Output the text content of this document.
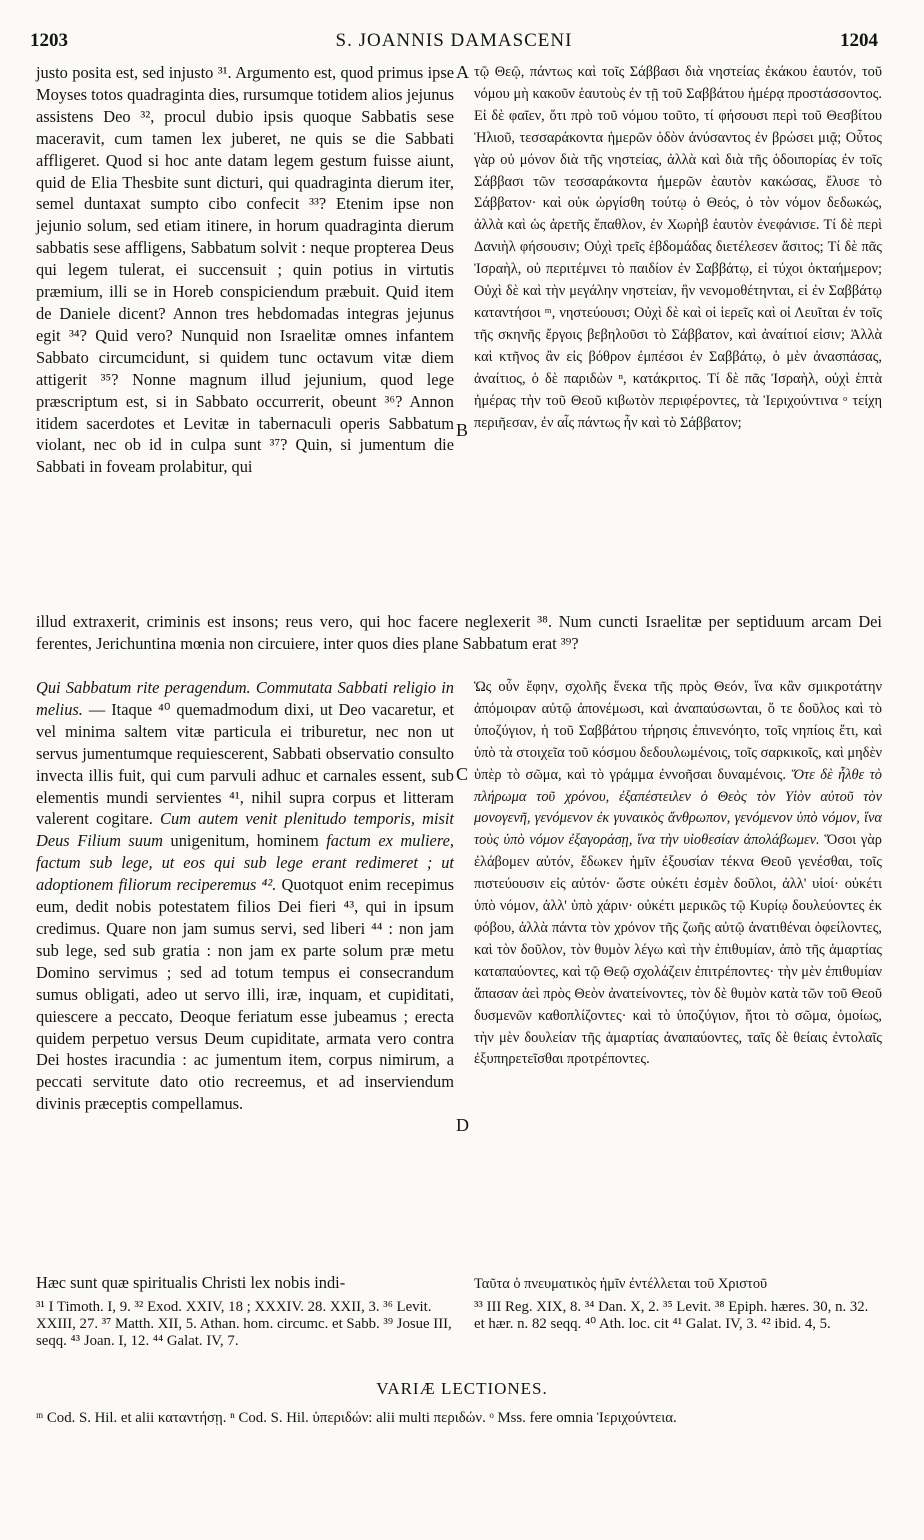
1203	S. JOANNIS DAMASCENI	1204
A
B
C
D
justo posita est, sed injusto ³¹. Argumento est, quod primus ipse Moyses totos quadraginta dies, rursumque totidem alios jejunus assistens Deo ³², procul dubio ipsis quoque Sabbatis sese maceravit, cum tamen lex juberet, ne quis se die Sabbati affligeret. Quod si hoc ante datam legem gestum fuisse aiunt, quid de Elia Thesbite sunt dicturi, qui quadraginta dierum iter, semel duntaxat sumpto cibo confecit ³³? Etenim ipse non jejunio solum, sed etiam itinere, in horum quadraginta dierum sabbatis sese affligens, Sabbatum solvit : neque propterea Deus qui legem tulerat, ei succensuit ; quin potius in virtutis præmium, illi se in Horeb conspiciendum præbuit. Quid item de Daniele dicent? Annon tres hebdomadas integras jejunus egit ³⁴? Quid vero? Nunquid non Israelitæ omnes infantem Sabbato circumcidunt, si quidem tunc octavum vitæ diem attigerit ³⁵? Nonne magnum illud jejunium, quod lege præscriptum est, si in Sabbato occurrerit, obeunt ³⁶? Annon itidem sacerdotes et Levitæ in tabernaculi operis Sabbatum violant, nec ob id in culpa sunt ³⁷? Quin, si jumentum die Sabbati in foveam prolabitur, qui
τῷ Θεῷ, πάντως καὶ τοῖς Σάββασι διὰ νηστείας ἐκάκου ἑαυτόν, τοῦ νόμου μὴ κακοῦν ἑαυτοὺς ἐν τῇ τοῦ Σαββάτου ἡμέρᾳ προστάσσοντος. Εἰ δὲ φαῖεν, ὅτι πρὸ τοῦ νόμου τοῦτο, τί φήσουσι περὶ τοῦ Θεσβίτου Ἡλιοῦ, τεσσαράκοντα ἡμερῶν ὁδὸν ἀνύσαντος ἐν βρώσει μιᾷ; Οὗτος γὰρ οὐ μόνον διὰ τῆς νηστείας, ἀλλὰ καὶ διὰ τῆς ὁδοιπορίας ἐν τοῖς Σάββασι τῶν τεσσαράκοντα ἡμερῶν ἑαυτὸν κακώσας, ἔλυσε τὸ Σάββατον· καὶ οὐκ ὠργίσθη τούτῳ ὁ Θεός, ὁ τὸν νόμον δεδωκώς, ἀλλὰ καὶ ὡς ἀρετῆς ἔπαθλον, ἐν Χωρὴβ ἑαυτὸν ἐνεφάνισε. Τί δὲ περὶ Δανιὴλ φήσουσιν; Οὐχὶ τρεῖς ἑβδομάδας διετέλεσεν ἄσιτος; Τί δὲ πᾶς Ἰσραὴλ, οὐ περιτέμνει τὸ παιδίον ἐν Σαββάτῳ, εἰ τύχοι ὀκταήμερον; Οὐχὶ δὲ καὶ τὴν μεγάλην νηστείαν, ἣν νενομοθέτηνται, εἰ ἐν Σαββάτῳ καταντήσοι ᵐ, νηστεύουσι; Οὐχὶ δὲ καὶ οἱ ἱερεῖς καὶ οἱ Λευῖται ἐν τοῖς τῆς σκηνῆς ἔργοις βεβηλοῦσι τὸ Σάββατον, καὶ ἀναίτιοί εἰσιν; Ἀλλὰ καὶ κτῆνος ἂν εἰς βόθρον ἐμπέσοι ἐν Σαββάτῳ, ὁ μὲν ἀνασπάσας, ἀναίτιος, ὁ δὲ παριδὼν ⁿ, κατάκριτος. Τί δὲ πᾶς Ἰσραὴλ, οὐχὶ ἑπτὰ ἡμέρας τὴν τοῦ Θεοῦ κιβωτὸν περιφέροντες, τὰ Ἱεριχούντινα ᵒ τείχη περιῆεσαν, ἐν αἷς πάντως ἦν καὶ τὸ Σάββατον;
illud extraxerit, criminis est insons; reus vero, qui hoc facere neglexerit ³⁸. Num cuncti Israelitæ per septiduum arcam Dei ferentes, Jerichuntina mœnia non circuiere, inter quos dies plane Sabbatum erat ³⁹?
Qui Sabbatum rite peragendum. Commutata Sabbati religio in melius. — Itaque ⁴⁰ quemadmodum dixi, ut Deo vacaretur, et vel minima saltem vitæ particula ei triburetur, nec non ut servus jumentumque requiescerent, Sabbati observatio consulto invecta illis fuit, qui cum parvuli adhuc et carnales essent, sub elementis mundi servientes ⁴¹, nihil supra corpus et litteram valerent cogitare. Cum autem venit plenitudo temporis, misit Deus Filium suum unigenitum, hominem factum ex muliere, factum sub lege, ut eos qui sub lege erant redimeret ; ut adoptionem filiorum reciperemus ⁴². Quotquot enim recepimus eum, dedit nobis potestatem filios Dei fieri ⁴³, qui in ipsum credimus. Quare non jam sumus servi, sed liberi ⁴⁴ : non jam sub lege, sed sub gratia : non jam ex parte solum præ metu Domino servimus ; sed ad totum tempus ei consecrandum sumus obligati, adeo ut servo illi, iræ, inquam, et cupiditati, quiescere a peccato, Deoque feriatum esse jubeamus ; erecta quidem perpetuo versus Deum cupiditate, armata vero contra Dei hostes iracundia : ac jumentum item, corpus nimirum, a peccati servitute dato otio recreemus, et ad inserviendum divinis præceptis compellamus.
Ὡς οὖν ἔφην, σχολῆς ἕνεκα τῆς πρὸς Θεόν, ἵνα κἂν σμικροτάτην ἀπόμοιραν αὐτῷ ἀπονέμωσι, καὶ ἀναπαύσωνται, ὅ τε δοῦλος καὶ τὸ ὑποζύγιον, ἡ τοῦ Σαββάτου τήρησις ἐπινενόητο, τοῖς νηπίοις ἔτι, καὶ ὑπὸ τὰ στοιχεῖα τοῦ κόσμου δεδουλωμένοις, τοῖς σαρκικοῖς, καὶ μηδὲν ὑπὲρ τὸ σῶμα, καὶ τὸ γράμμα ἐννοῆσαι δυναμένοις. Ὅτε δὲ ἦλθε τὸ πλήρωμα τοῦ χρόνου, ἐξαπέστειλεν ὁ Θεὸς τὸν Υἱὸν αὐτοῦ τὸν μονογενῆ, γενόμενον ἐκ γυναικὸς ἄνθρωπον, γενόμενον ὑπὸ νόμον, ἵνα τοὺς ὑπὸ νόμον ἐξαγοράσῃ, ἵνα τὴν υἱοθεσίαν ἀπολάβωμεν. Ὅσοι γὰρ ἐλάβομεν αὐτόν, ἔδωκεν ἡμῖν ἐξουσίαν τέκνα Θεοῦ γενέσθαι, τοῖς πιστεύουσιν εἰς αὐτόν· ὥστε οὐκέτι ἐσμὲν δοῦλοι, ἀλλ' υἱοί· οὐκέτι ὑπὸ νόμον, ἀλλ' ὑπὸ χάριν· οὐκέτι μερικῶς τῷ Κυρίῳ δουλεύοντες ἐκ φόβου, ἀλλὰ πάντα τὸν χρόνον τῆς ζωῆς αὐτῷ ἀνατιθέναι ὀφείλοντες, καὶ τὸν δοῦλον, τὸν θυμὸν λέγω καὶ τὴν ἐπιθυμίαν, ἀπὸ τῆς ἁμαρτίας καταπαύοντες, καὶ τῷ Θεῷ σχολάζειν ἐπιτρέποντες· τὴν μὲν ἐπιθυμίαν ἅπασαν ἀεὶ πρὸς Θεὸν ἀνατείνοντες, τὸν δὲ θυμὸν κατὰ τῶν τοῦ Θεοῦ δυσμενῶν καθοπλίζοντες· καὶ τὸ ὑποζύγιον, ἤτοι τὸ σῶμα, ὁμοίως, τὴν μὲν δουλείαν τῆς ἁμαρτίας ἀναπαύοντες, ταῖς δὲ θείαις ἐντολαῖς ἐξυπηρετεῖσθαι προτρέποντες.
Hæc sunt quæ spiritualis Christi lex nobis indi-	Ταῦτα ὁ πνευματικὸς ἡμῖν ἐντέλλεται τοῦ Χριστοῦ
³¹ I Timoth. I, 9. ³² Exod. XXIV, 18 ; XXXIV. 28. XXII, 3. ³⁶ Levit. XXIII, 27. ³⁷ Matth. XII, 5. Athan. hom. circumc. et Sabb. ³⁹ Josue III, seqq. ⁴³ Joan. I, 12. ⁴⁴ Galat. IV, 7.
³³ III Reg. XIX, 8. ³⁴ Dan. X, 2. ³⁵ Levit. ³⁸ Epiph. hæres. 30, n. 32. et hær. n. 82 seqq. ⁴⁰ Ath. loc. cit ⁴¹ Galat. IV, 3. ⁴² ibid. 4, 5.
VARIÆ LECTIONES.
ᵐ Cod. S. Hil. et alii καταντήσῃ. ⁿ Cod. S. Hil. ὑπεριδών: alii multi περιδών. ᵒ Mss. fere omnia Ἱεριχούντεια.
